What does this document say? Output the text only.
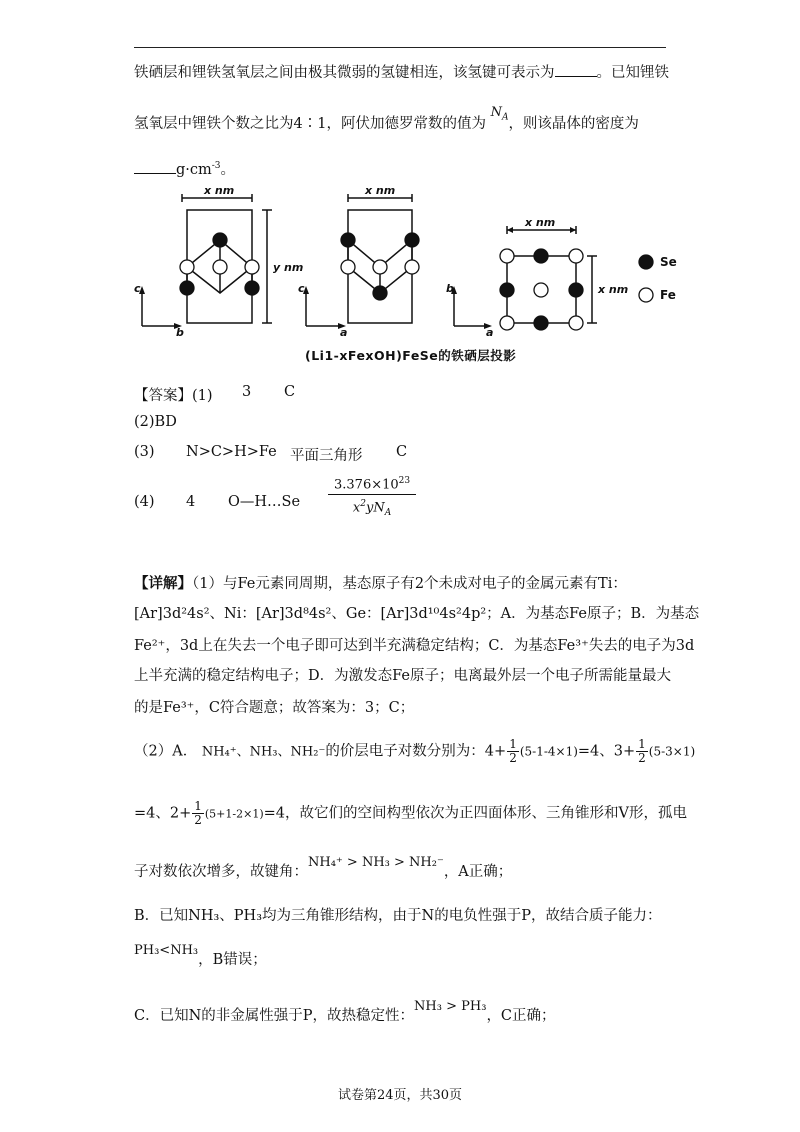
铁硒层和锂铁氢氧层之间由极其微弱的氢键相连，该氢键可表示为	。已知锂铁
氢氧层中锂铁个数之比为4∶1，阿伏加德罗常数的值为 $N_A$，则该晶体的密度为
$g\cdot cm^{-3}$。
x nm
y nm
x nm
x nm
x nm
c
b
c
a
b
a
Se
Fe
(Li1-xFexOH)FeSe的铁硒层投影
【答案】(1) 3 C
(2)BD
(3) N>C>H>Fe 平面三角形 C
(4) 4 O—H…Se $\frac{3.376\times 10^{23}}{x^2yN_A}$
【详解】（1）与Fe元素同周期，基态原子有2个未成对电子的金属元素有Ti：
[Ar]3d²4s²、Ni：[Ar]3d⁸4s²、Ge：[Ar]3d¹⁰4s²4p²；A．为基态Fe原子；B．为基态
Fe²⁺，3d上在失去一个电子即可达到半充满稳定结构；C．为基态Fe³⁺失去的电子为3d
上半充满的稳定结构电子；D．为激发态Fe原子；电离最外层一个电子所需能量最大
的是Fe³⁺，C符合题意；故答案为：3；C；
（2）A． NH₄⁺、NH₃、NH₂⁻的价层电子对数分别为：$4+ \frac{1}{2} (5-1-4\times 1)=4$、$3+ \frac{1}{2} (5-3\times 1)$
=4、$2+ \frac{1}{2} (5+1-2\times 1)=4$，故它们的空间构型依次为正四面体形、三角锥形和V形，孤电
子对数依次增多，故键角：NH₄⁺ > NH₃ > NH₂⁻，A正确；
B．已知NH₃、PH₃均为三角锥形结构，由于N的电负性强于P，故结合质子能力：
PH₃<NH₃，B错误；
C．已知N的非金属性强于P，故热稳定性：NH₃ > PH₃，C正确；
试卷第24页，共30页
